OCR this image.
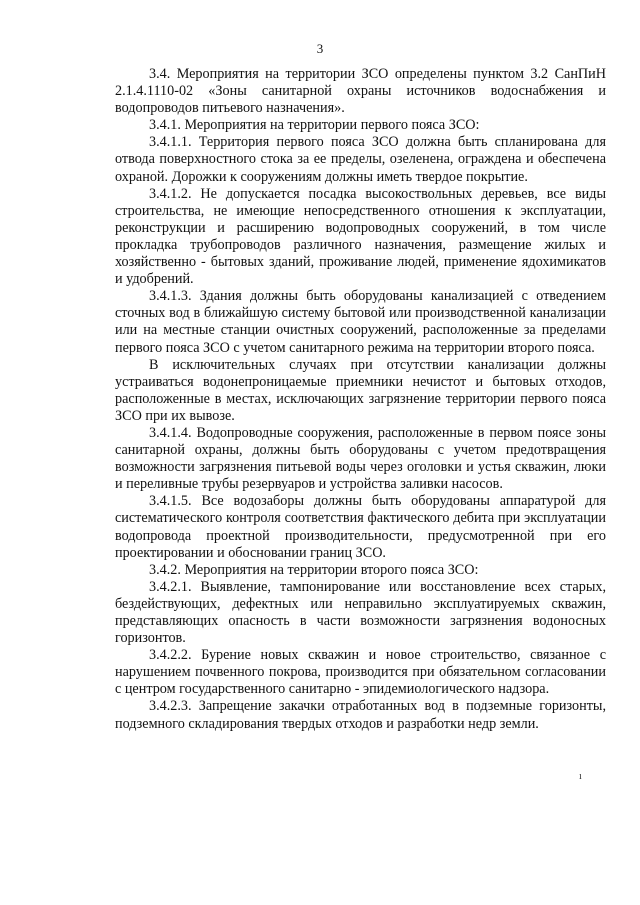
3

3.4. Мероприятия на территории ЗСО определены пунктом 3.2 СанПиН 2.1.4.1110-02 «Зоны санитарной охраны источников водоснабжения и водопроводов питьевого назначения».

3.4.1. Мероприятия на территории первого пояса ЗСО:

3.4.1.1. Территория первого пояса ЗСО должна быть спланирована для отвода поверхностного стока за ее пределы, озеленена, ограждена и обеспечена охраной. Дорожки к сооружениям должны иметь твердое покрытие.

3.4.1.2. Не допускается посадка высокоствольных деревьев, все виды строительства, не имеющие непосредственного отношения к эксплуатации, реконструкции и расширению водопроводных сооружений, в том числе прокладка трубопроводов различного назначения, размещение жилых и хозяйственно - бытовых зданий, проживание людей, применение ядохимикатов и удобрений.

3.4.1.3. Здания должны быть оборудованы канализацией с отведением сточных вод в ближайшую систему бытовой или производственной канализации или на местные станции очистных сооружений, расположенные за пределами первого пояса ЗСО с учетом санитарного режима на территории второго пояса.

В исключительных случаях при отсутствии канализации должны устраиваться водонепроницаемые приемники нечистот и бытовых отходов, расположенные в местах, исключающих загрязнение территории первого пояса ЗСО при их вывозе.

3.4.1.4. Водопроводные сооружения, расположенные в первом поясе зоны санитарной охраны, должны быть оборудованы с учетом предотвращения возможности загрязнения питьевой воды через оголовки и устья скважин, люки и переливные трубы резервуаров и устройства заливки насосов.

3.4.1.5. Все водозаборы должны быть оборудованы аппаратурой для систематического контроля соответствия фактического дебита при эксплуатации водопровода проектной производительности, предусмотренной при его проектировании и обосновании границ ЗСО.

3.4.2. Мероприятия на территории второго пояса ЗСО:

3.4.2.1. Выявление, тампонирование или восстановление всех старых, бездействующих, дефектных или неправильно эксплуатируемых скважин, представляющих опасность в части возможности загрязнения водоносных горизонтов.

3.4.2.2. Бурение новых скважин и новое строительство, связанное с нарушением почвенного покрова, производится при обязательном согласовании с центром государственного санитарно - эпидемиологического надзора.

3.4.2.3. Запрещение закачки отработанных вод в подземные горизонты, подземного складирования твердых отходов и разработки недр земли.

ı
